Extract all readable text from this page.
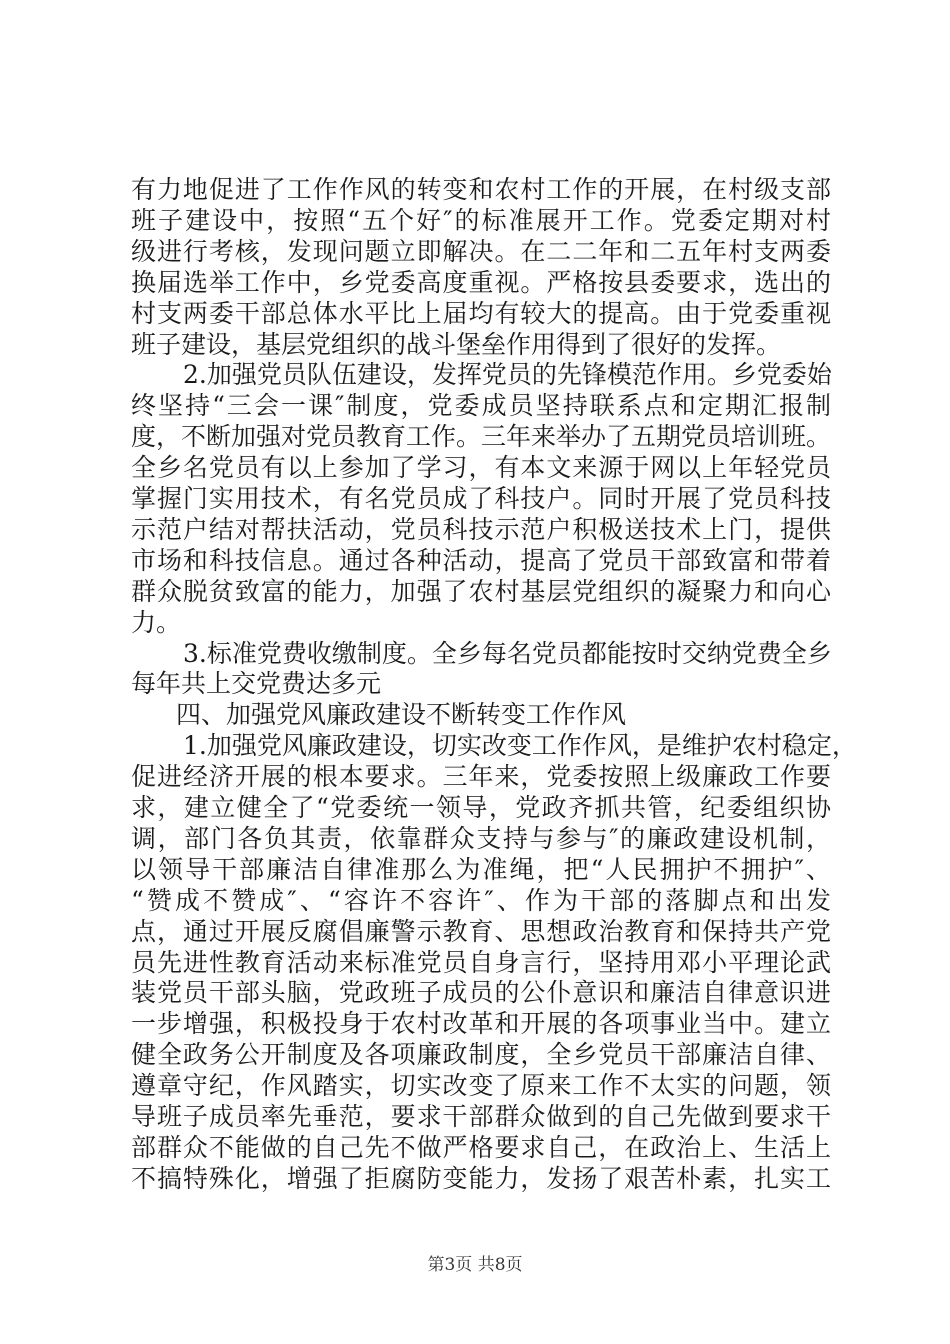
有力地促进了工作作风的转变和农村工作的开展，在村级支部
班子建设中，按照“五个好″的标准展开工作。党委定期对村
级进行考核，发现问题立即解决。在二二年和二五年村支两委
换届选举工作中，乡党委高度重视。严格按县委要求，选出的
村支两委干部总体水平比上届均有较大的提高。由于党委重视
班子建设，基层党组织的战斗堡垒作用得到了很好的发挥。
2.加强党员队伍建设，发挥党员的先锋模范作用。乡党委始
终坚持“三会一课″制度，党委成员坚持联系点和定期汇报制
度，不断加强对党员教育工作。三年来举办了五期党员培训班。
全乡名党员有以上参加了学习，有本文来源于网以上年轻党员
掌握门实用技术，有名党员成了科技户。同时开展了党员科技
示范户结对帮扶活动，党员科技示范户积极送技术上门，提供
市场和科技信息。通过各种活动，提高了党员干部致富和带着
群众脱贫致富的能力，加强了农村基层党组织的凝聚力和向心
力。
3.标准党费收缴制度。全乡每名党员都能按时交纳党费全乡
每年共上交党费达多元
四、加强党风廉政建设不断转变工作作风
1.加强党风廉政建设，切实改变工作作风，是维护农村稳定，
促进经济开展的根本要求。三年来，党委按照上级廉政工作要
求，建立健全了“党委统一领导，党政齐抓共管，纪委组织协
调，部门各负其责，依靠群众支持与参与″的廉政建设机制，
以领导干部廉洁自律准那么为准绳，把“人民拥护不拥护″、
“赞成不赞成″、“容许不容许″、作为干部的落脚点和出发
点，通过开展反腐倡廉警示教育、思想政治教育和保持共产党
员先进性教育活动来标准党员自身言行，坚持用邓小平理论武
装党员干部头脑，党政班子成员的公仆意识和廉洁自律意识进
一步增强，积极投身于农村改革和开展的各项事业当中。建立
第3页 共8页
健全政务公开制度及各项廉政制度，全乡党员干部廉洁自律、
遵章守纪，作风踏实，切实改变了原来工作不太实的问题，领
导班子成员率先垂范，要求干部群众做到的自己先做到要求干
部群众不能做的自己先不做严格要求自己，在政治上、生活上
不搞特殊化，增强了拒腐防变能力，发扬了艰苦朴素，扎实工
